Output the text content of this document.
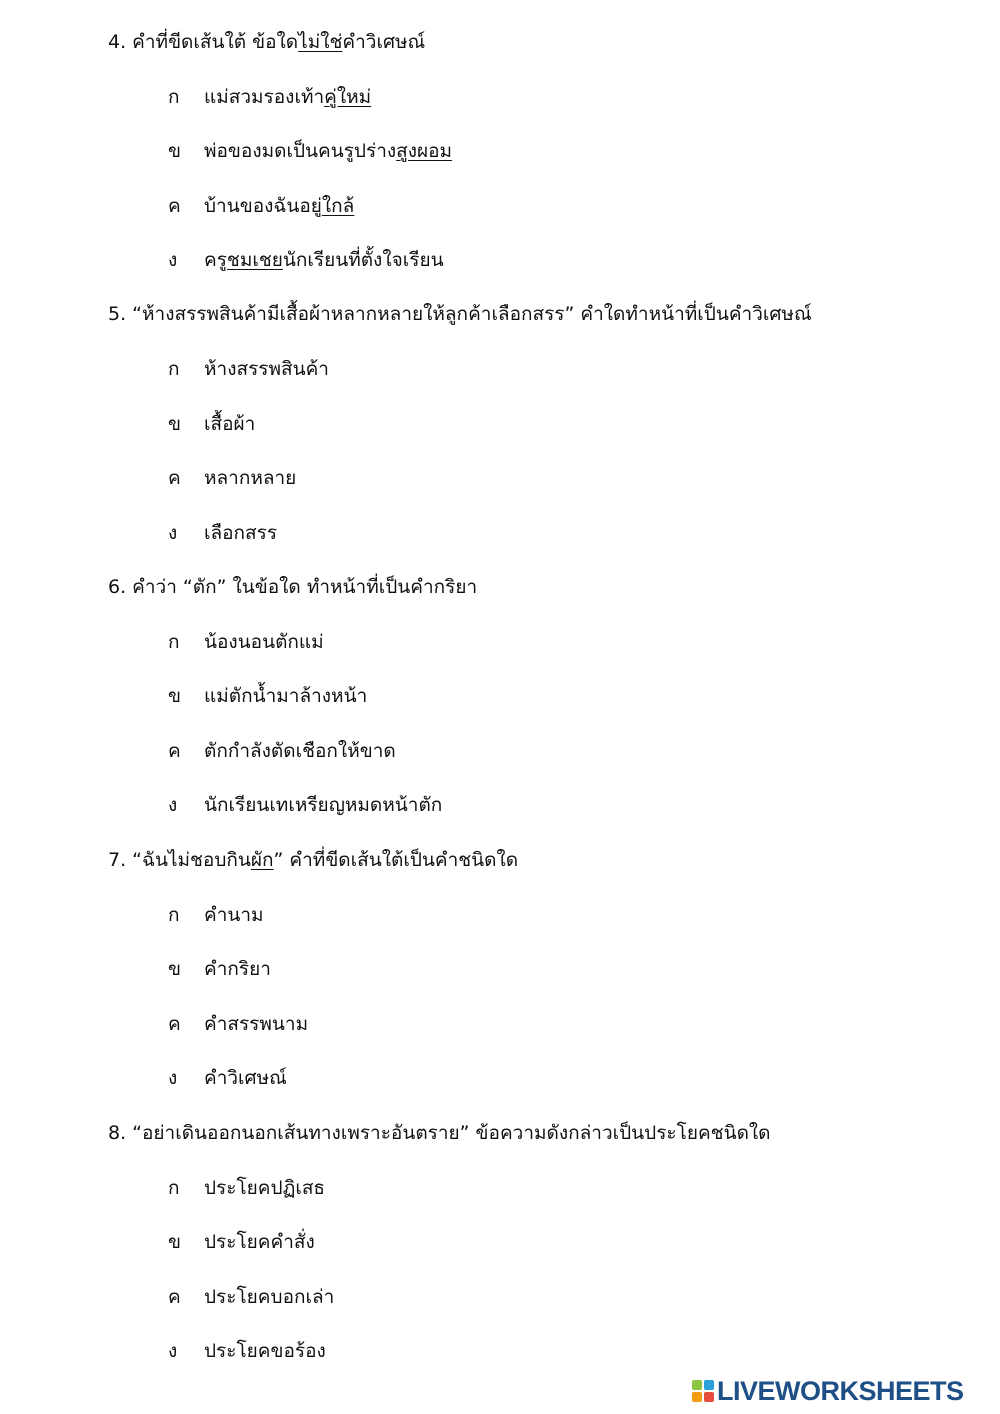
4. คำที่ขีดเส้นใต้ ข้อใดไม่ใช่คำวิเศษณ์
ก	แม่สวมรองเท้าคู่ใหม่
ข	พ่อของมดเป็นคนรูปร่างสูงผอม
ค	บ้านของฉันอยู่ใกล้
ง	ครูชมเชยนักเรียนที่ตั้งใจเรียน
5. “ห้างสรรพสินค้ามีเสื้อผ้าหลากหลายให้ลูกค้าเลือกสรร” คำใดทำหน้าที่เป็นคำวิเศษณ์
ก	ห้างสรรพสินค้า
ข	เสื้อผ้า
ค	หลากหลาย
ง	เลือกสรร
6. คำว่า “ตัก” ในข้อใด ทำหน้าที่เป็นคำกริยา
ก	น้องนอนตักแม่
ข	แม่ตักน้ำมาล้างหน้า
ค	ตักกำลังตัดเชือกให้ขาด
ง	นักเรียนเทเหรียญหมดหน้าตัก
7. “ฉันไม่ชอบกินผัก” คำที่ขีดเส้นใต้เป็นคำชนิดใด
ก	คำนาม
ข	คำกริยา
ค	คำสรรพนาม
ง	คำวิเศษณ์
8. “อย่าเดินออกนอกเส้นทางเพราะอันตราย” ข้อความดังกล่าวเป็นประโยคชนิดใด
ก	ประโยคปฏิเสธ
ข	ประโยคคำสั่ง
ค	ประโยคบอกเล่า
ง	ประโยคขอร้อง
LIVEWORKSHEETS
